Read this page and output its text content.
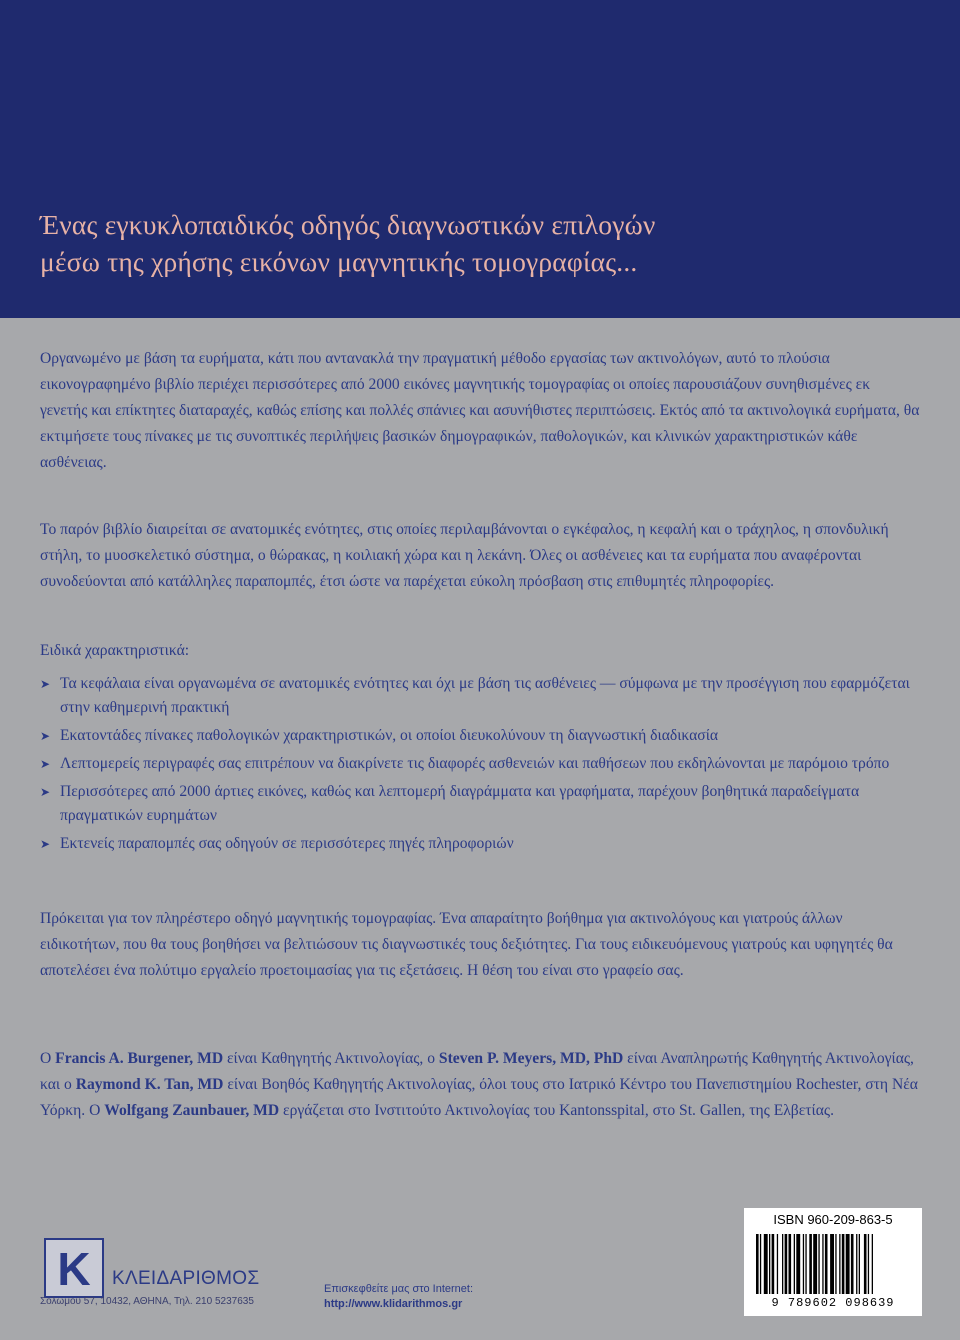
Ένας εγκυκλοπαιδικός οδηγός διαγνωστικών επιλογών
μέσω της χρήσης εικόνων μαγνητικής τομογραφίας...
Οργανωμένο με βάση τα ευρήματα, κάτι που αντανακλά την πραγματική μέθοδο εργασίας των ακτινολόγων, αυτό το πλούσια εικονογραφημένο βιβλίο περιέχει περισσότερες από 2000 εικόνες μαγνητικής τομογραφίας οι οποίες παρουσιάζουν συνηθισμένες εκ γενετής και επίκτητες διαταραχές, καθώς επίσης και πολλές σπάνιες και ασυνήθιστες περιπτώσεις. Εκτός από τα ακτινολογικά ευρήματα, θα εκτιμήσετε τους πίνακες με τις συνοπτικές περιλήψεις βασικών δημογραφικών, παθολογικών, και κλινικών χαρακτηριστικών κάθε ασθένειας.
Το παρόν βιβλίο διαιρείται σε ανατομικές ενότητες, στις οποίες περιλαμβάνονται ο εγκέφαλος, η κεφαλή και ο τράχηλος, η σπονδυλική στήλη, το μυοσκελετικό σύστημα, ο θώρακας, η κοιλιακή χώρα και η λεκάνη. Όλες οι ασθένειες και τα ευρήματα που αναφέρονται συνοδεύονται από κατάλληλες παραπομπές, έτσι ώστε να παρέχεται εύκολη πρόσβαση στις επιθυμητές πληροφορίες.
Ειδικά χαρακτηριστικά:
➤ Τα κεφάλαια είναι οργανωμένα σε ανατομικές ενότητες και όχι με βάση τις ασθένειες — σύμφωνα με την προσέγγιση που εφαρμόζεται στην καθημερινή πρακτική
➤ Εκατοντάδες πίνακες παθολογικών χαρακτηριστικών, οι οποίοι διευκολύνουν τη διαγνωστική διαδικασία
➤ Λεπτομερείς περιγραφές σας επιτρέπουν να διακρίνετε τις διαφορές ασθενειών και παθήσεων που εκδηλώνονται με παρόμοιο τρόπο
➤ Περισσότερες από 2000 άρτιες εικόνες, καθώς και λεπτομερή διαγράμματα και γραφήματα, παρέχουν βοηθητικά παραδείγματα πραγματικών ευρημάτων
➤ Εκτενείς παραπομπές σας οδηγούν σε περισσότερες πηγές πληροφοριών
Πρόκειται για τον πληρέστερο οδηγό μαγνητικής τομογραφίας. Ένα απαραίτητο βοήθημα για ακτινολόγους και γιατρούς άλλων ειδικοτήτων, που θα τους βοηθήσει να βελτιώσουν τις διαγνωστικές τους δεξιότητες. Για τους ειδικευόμενους γιατρούς και υφηγητές θα αποτελέσει ένα πολύτιμο εργαλείο προετοιμασίας για τις εξετάσεις. Η θέση του είναι στο γραφείο σας.
Ο Francis A. Burgener, MD είναι Καθηγητής Ακτινολογίας, ο Steven P. Meyers, MD, PhD είναι Αναπληρωτής Καθηγητής Ακτινολογίας, και ο Raymond K. Tan, MD είναι Βοηθός Καθηγητής Ακτινολογίας, όλοι τους στο Ιατρικό Κέντρο του Πανεπιστημίου Rochester, στη Νέα Υόρκη. Ο Wolfgang Zaunbauer, MD εργάζεται στο Ινστιτούτο Ακτινολογίας του Kantonsspital, στο St. Gallen, της Ελβετίας.
ISBN 960-209-863-5
9 789602 098639
K	ΚΛΕΙΔΑΡΙΘΜΟΣ
Σολωμού 57, 10432, ΑΘΗΝΑ, Τηλ. 210 5237635
Επισκεφθείτε μας στο Internet:
http://www.klidarithmos.gr
